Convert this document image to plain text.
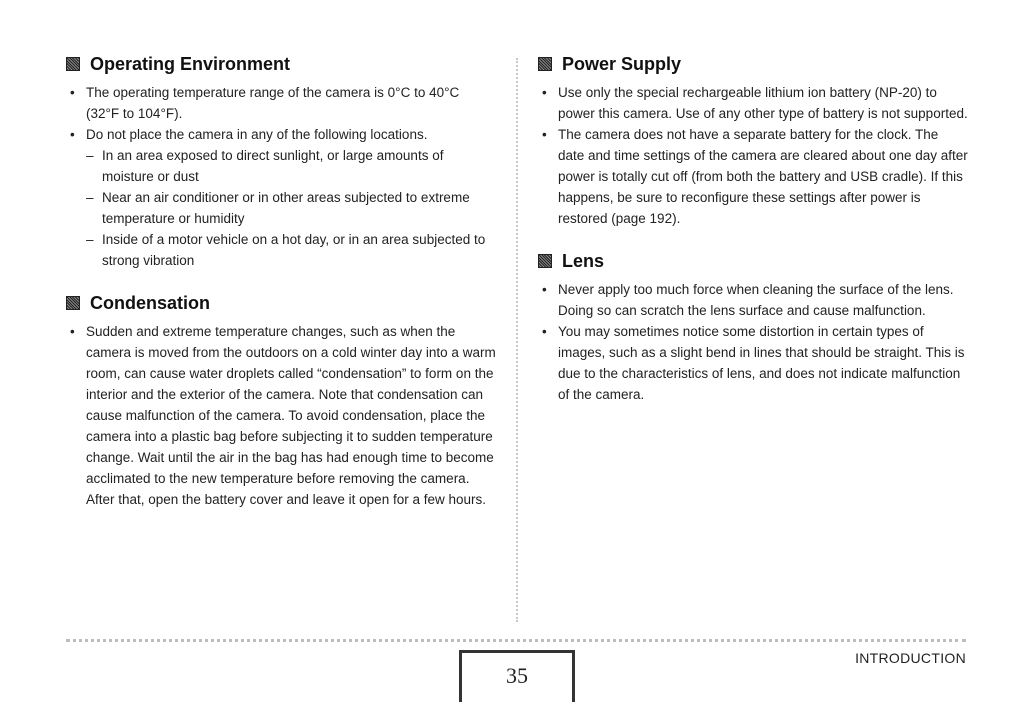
Operating Environment
• The operating temperature range of the camera is 0°C to 40°C (32°F to 104°F).
• Do not place the camera in any of the following locations.
– In an area exposed to direct sunlight, or large amounts of moisture or dust
– Near an air conditioner or in other areas subjected to extreme temperature or humidity
– Inside of a motor vehicle on a hot day, or in an area subjected to strong vibration
Condensation
• Sudden and extreme temperature changes, such as when the camera is moved from the outdoors on a cold winter day into a warm room, can cause water droplets called “condensation” to form on the interior and the exterior of the camera. Note that condensation can cause malfunction of the camera. To avoid condensation, place the camera into a plastic bag before subjecting it to sudden temperature change. Wait until the air in the bag has had enough time to become acclimated to the new temperature before removing the camera. After that, open the battery cover and leave it open for a few hours.
Power Supply
• Use only the special rechargeable lithium ion battery (NP-20) to power this camera. Use of any other type of battery is not supported.
• The camera does not have a separate battery for the clock. The date and time settings of the camera are cleared about one day after power is totally cut off (from both the battery and USB cradle). If this happens, be sure to reconfigure these settings after power is restored (page 192).
Lens
• Never apply too much force when cleaning the surface of the lens. Doing so can scratch the lens surface and cause malfunction.
• You may sometimes notice some distortion in certain types of images, such as a slight bend in lines that should be straight. This is due to the characteristics of lens, and does not indicate malfunction of the camera.
35
INTRODUCTION
